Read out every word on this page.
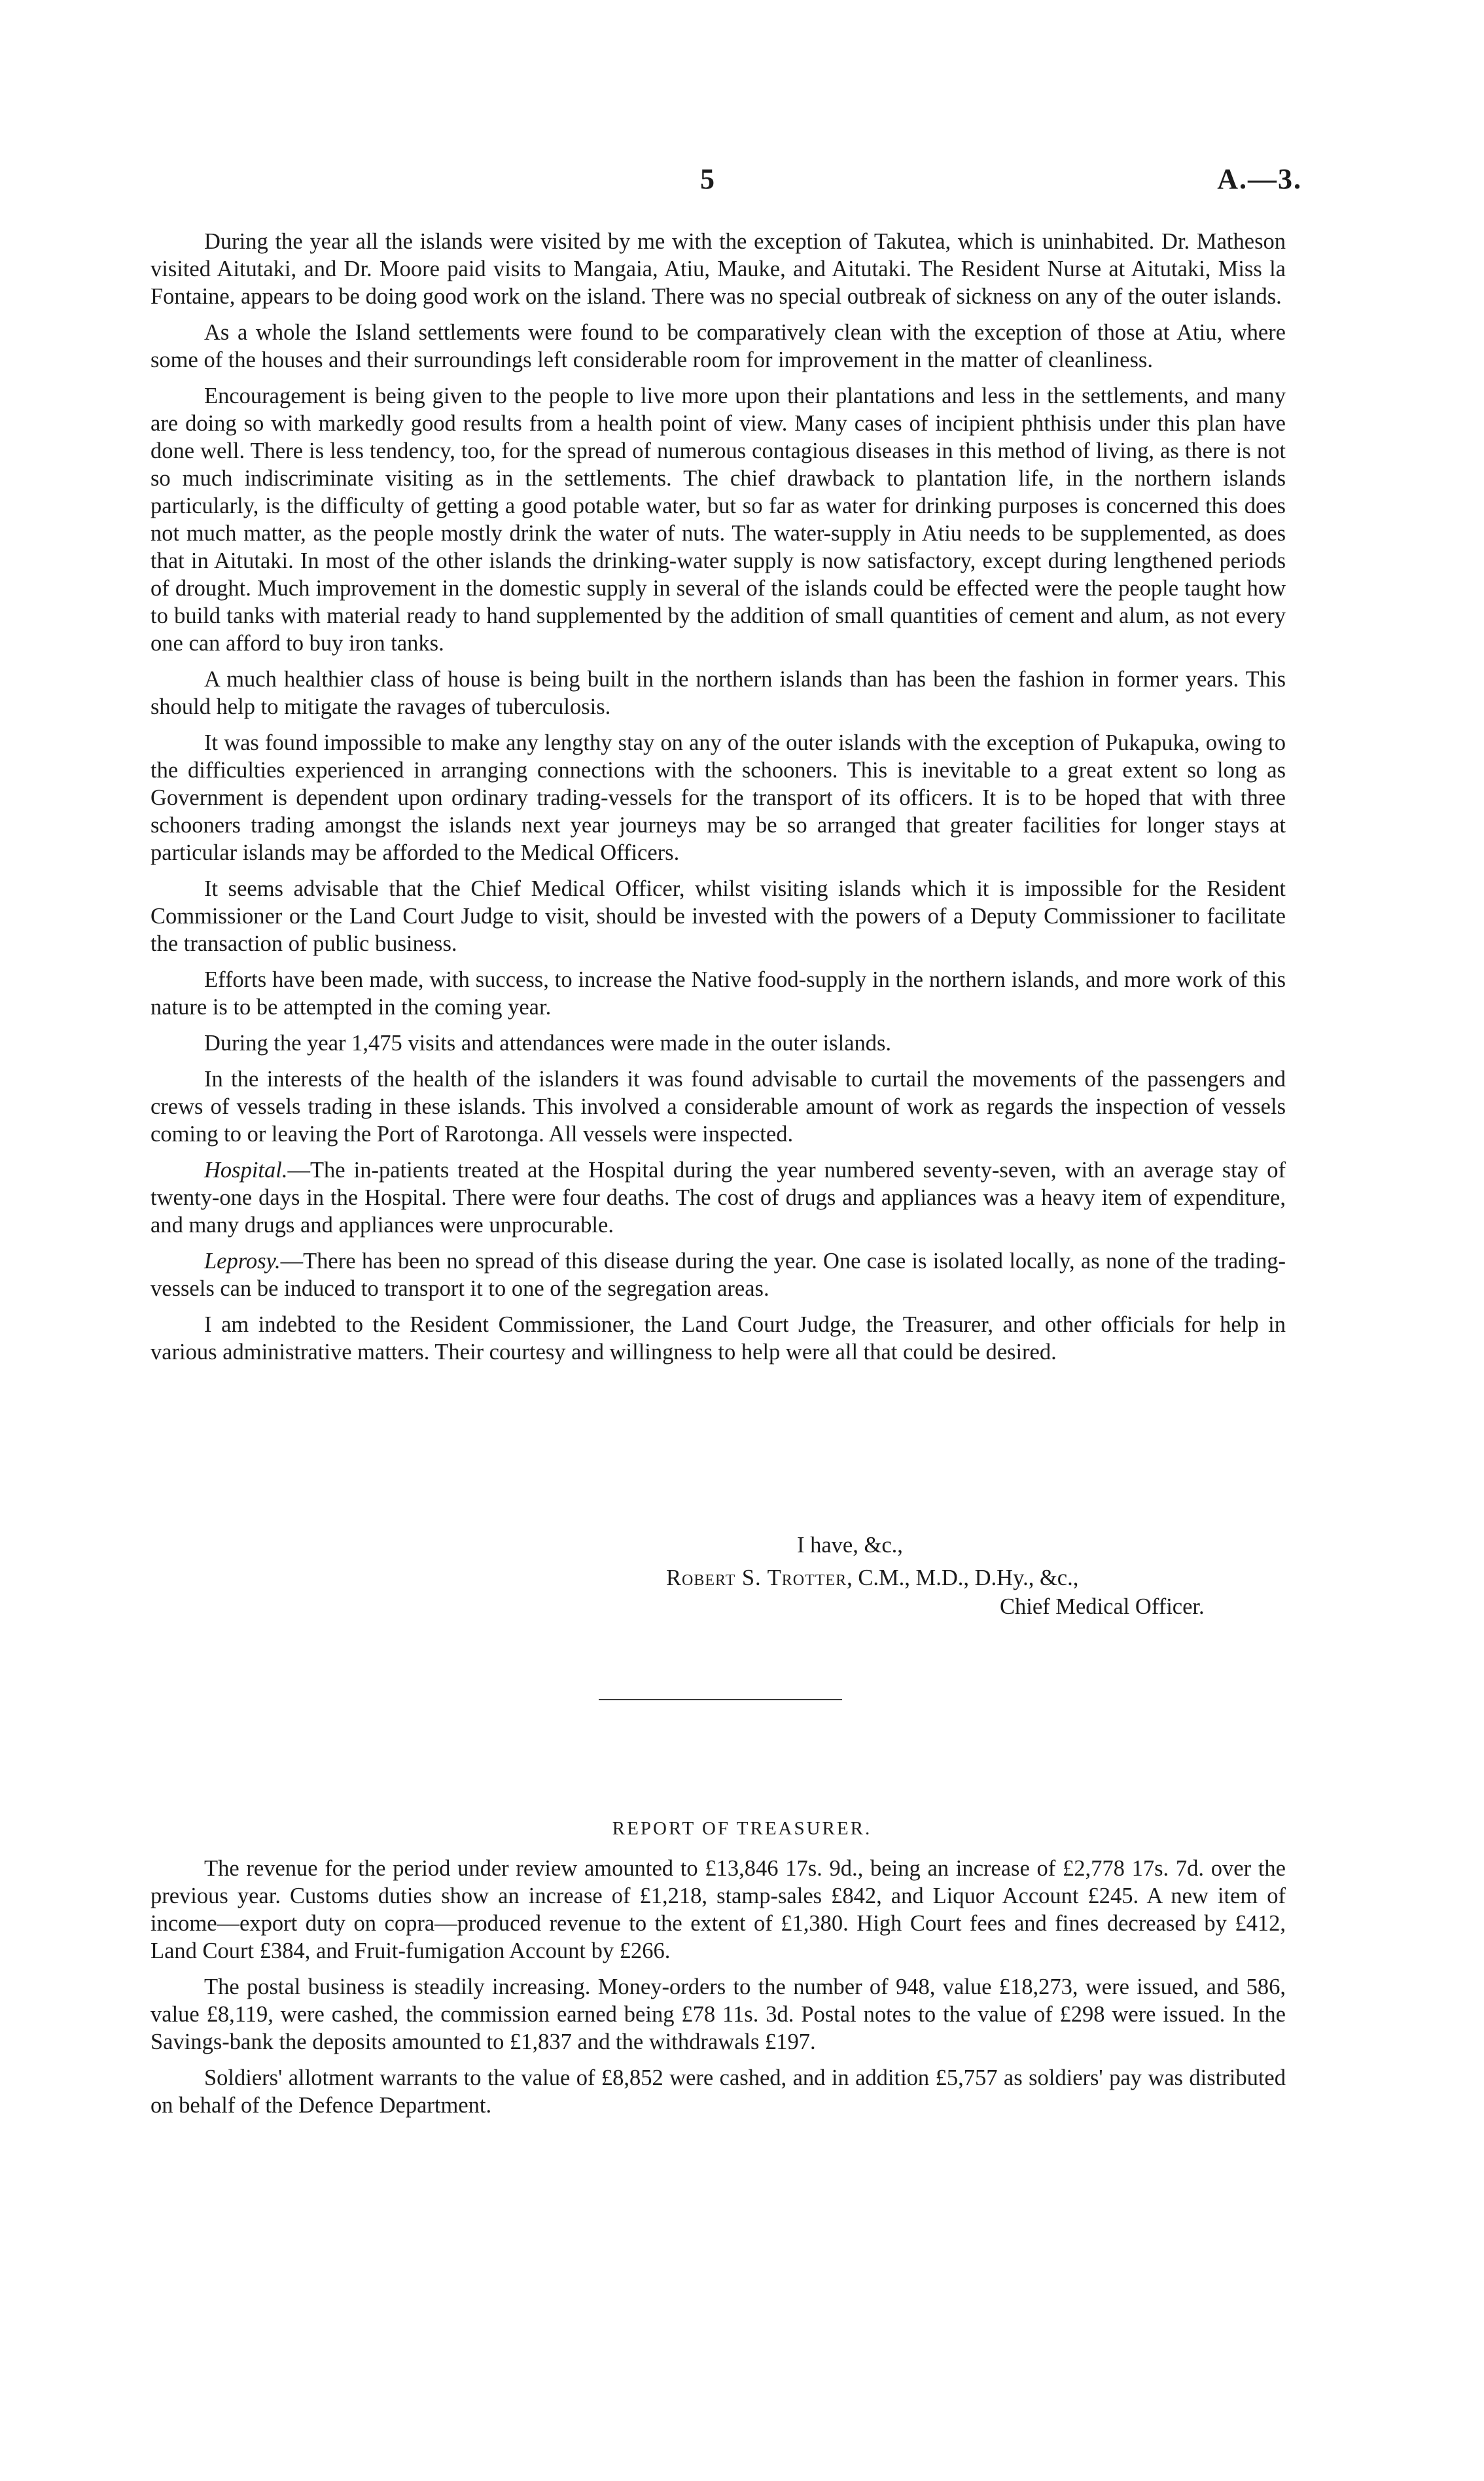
5	A.—3.

During the year all the islands were visited by me with the exception of Takutea, which is uninhabited. Dr. Matheson visited Aitutaki, and Dr. Moore paid visits to Mangaia, Atiu, Mauke, and Aitutaki. The Resident Nurse at Aitutaki, Miss la Fontaine, appears to be doing good work on the island. There was no special outbreak of sickness on any of the outer islands.

As a whole the Island settlements were found to be comparatively clean with the exception of those at Atiu, where some of the houses and their surroundings left considerable room for improvement in the matter of cleanliness.

Encouragement is being given to the people to live more upon their plantations and less in the settlements, and many are doing so with markedly good results from a health point of view. Many cases of incipient phthisis under this plan have done well. There is less tendency, too, for the spread of numerous contagious diseases in this method of living, as there is not so much indiscriminate visiting as in the settlements. The chief drawback to plantation life, in the northern islands particularly, is the difficulty of getting a good potable water, but so far as water for drinking purposes is concerned this does not much matter, as the people mostly drink the water of nuts. The water-supply in Atiu needs to be supplemented, as does that in Aitutaki. In most of the other islands the drinking-water supply is now satisfactory, except during lengthened periods of drought. Much improvement in the domestic supply in several of the islands could be effected were the people taught how to build tanks with material ready to hand supplemented by the addition of small quantities of cement and alum, as not every one can afford to buy iron tanks.

A much healthier class of house is being built in the northern islands than has been the fashion in former years. This should help to mitigate the ravages of tuberculosis.

It was found impossible to make any lengthy stay on any of the outer islands with the exception of Pukapuka, owing to the difficulties experienced in arranging connections with the schooners. This is inevitable to a great extent so long as Government is dependent upon ordinary trading-vessels for the transport of its officers. It is to be hoped that with three schooners trading amongst the islands next year journeys may be so arranged that greater facilities for longer stays at particular islands may be afforded to the Medical Officers.

It seems advisable that the Chief Medical Officer, whilst visiting islands which it is impossible for the Resident Commissioner or the Land Court Judge to visit, should be invested with the powers of a Deputy Commissioner to facilitate the transaction of public business.

Efforts have been made, with success, to increase the Native food-supply in the northern islands, and more work of this nature is to be attempted in the coming year.

During the year 1,475 visits and attendances were made in the outer islands.

In the interests of the health of the islanders it was found advisable to curtail the movements of the passengers and crews of vessels trading in these islands. This involved a considerable amount of work as regards the inspection of vessels coming to or leaving the Port of Rarotonga. All vessels were inspected.

Hospital.—The in-patients treated at the Hospital during the year numbered seventy-seven, with an average stay of twenty-one days in the Hospital. There were four deaths. The cost of drugs and appliances was a heavy item of expenditure, and many drugs and appliances were unprocurable.

Leprosy.—There has been no spread of this disease during the year. One case is isolated locally, as none of the trading-vessels can be induced to transport it to one of the segregation areas.

I am indebted to the Resident Commissioner, the Land Court Judge, the Treasurer, and other officials for help in various administrative matters. Their courtesy and willingness to help were all that could be desired.

I have, &c.,
Robert S. Trotter, C.M., M.D., D.Hy., &c.,
Chief Medical Officer.
REPORT OF TREASURER.

The revenue for the period under review amounted to £13,846 17s. 9d., being an increase of £2,778 17s. 7d. over the previous year. Customs duties show an increase of £1,218, stamp-sales £842, and Liquor Account £245. A new item of income—export duty on copra—produced revenue to the extent of £1,380. High Court fees and fines decreased by £412, Land Court £384, and Fruit-fumigation Account by £266.

The postal business is steadily increasing. Money-orders to the number of 948, value £18,273, were issued, and 586, value £8,119, were cashed, the commission earned being £78 11s. 3d. Postal notes to the value of £298 were issued. In the Savings-bank the deposits amounted to £1,837 and the withdrawals £197.

Soldiers' allotment warrants to the value of £8,852 were cashed, and in addition £5,757 as soldiers' pay was distributed on behalf of the Defence Department.
